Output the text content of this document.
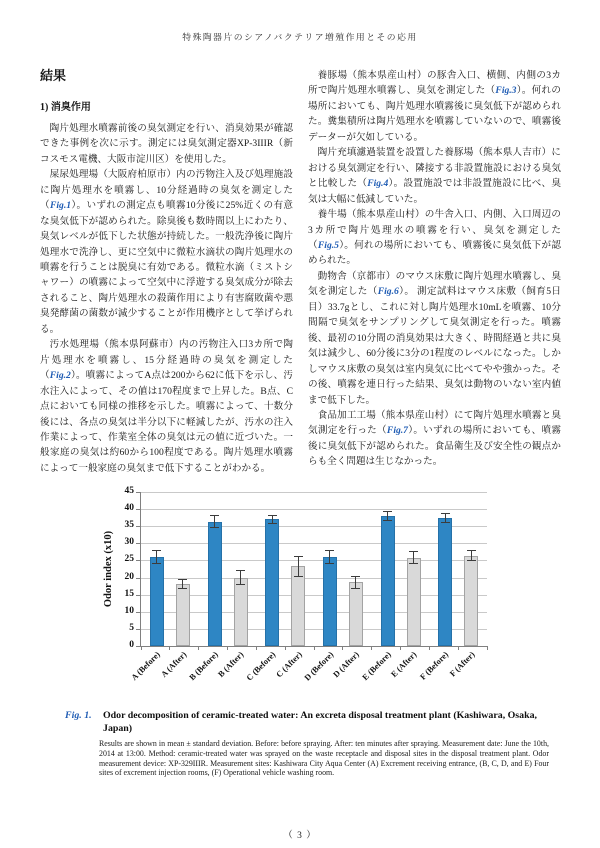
特殊陶器片のシアノバクテリア増殖作用とその応用
結果
1) 消臭作用

陶片処理水噴霧前後の臭気測定を行い、消臭効果が確認できた事例を次に示す。測定には臭気測定器XP-3IIIR（新コスモス電機、大阪市淀川区）を使用した。

屎尿処理場（大阪府柏原市）内の汚物注入及び処理施設に陶片処理水を噴霧し、10分経過時の臭気を測定した（Fig.1）。いずれの測定点も噴霧10分後に25%近くの有意な臭気低下が認められた。除臭後も数時間以上にわたり、臭気レベルが低下した状態が持続した。一般洗浄後に陶片処理水で洗浄し、更に空気中に微粒水滴状の陶片処理水の噴霧を行うことは脱臭に有効である。微粒水滴（ミストシャワー）の噴霧によって空気中に浮遊する臭気成分が除去されること、陶片処理水の殺菌作用により有害腐敗菌や悪臭発酵菌の菌数が減少することが作用機序として挙げられる。

汚水処理場（熊本県阿蘇市）内の汚物注入口3カ所で陶片処理水を噴霧し、15分経過時の臭気を測定した（Fig.2）。噴霧によってA点は200から62に低下を示し、汚水注入によって、その値は170程度まで上昇した。B点、C点においても同様の推移を示した。噴霧によって、十数分後には、各点の臭気は半分以下に軽減したが、汚水の注入作業によって、作業室全体の臭気は元の値に近づいた。一般家庭の臭気は約60から100程度である。陶片処理水噴霧によって一般家庭の臭気まで低下することがわかる。

養豚場（熊本県産山村）の豚舎入口、横側、内側の3カ所で陶片処理水噴霧し、臭気を測定した（Fig.3）。何れの場所においても、陶片処理水噴霧後に臭気低下が認められた。糞集積所は陶片処理水を噴霧していないので、噴霧後データーが欠如している。

陶片充填濾過装置を設置した養豚場（熊本県人吉市）における臭気測定を行い、隣接する非設置施設における臭気と比較した（Fig.4）。設置施設では非設置施設に比べ、臭気は大幅に低減していた。

養牛場（熊本県産山村）の牛舎入口、内側、入口周辺の3カ所で陶片処理水の噴霧を行い、臭気を測定した（Fig.5）。何れの場所においても、噴霧後に臭気低下が認められた。

動物舎（京都市）のマウス床敷に陶片処理水噴霧し、臭気を測定した（Fig.6）。 測定試料はマウス床敷（飼育5日目）33.7gとし、これに対し陶片処理水10mLを噴霧、10分間隔で臭気をサンプリングして臭気測定を行った。噴霧後、最初の10分間の消臭効果は大きく、時間経過と共に臭気は減少し、60分後に3分の1程度のレベルになった。しかしマウス床敷の臭気は室内臭気に比べてやや強かった。その後、噴霧を連日行った結果、臭気は動物のいない室内値まで低下した。

食品加工工場（熊本県産山村）にて陶片処理水噴霧と臭気測定を行った（Fig.7）。いずれの場所においても、噴霧後に臭気低下が認められた。食品衛生及び安全性の観点からも全く問題は生じなかった。

Odor index (x10)
0
5
10
15
20
25
30
35
40
45
A (Before)
A (After) B (Before)
B (After) C (Before)
C (After) D (Before)
D (After) E (Before)
E (After) F (Before)
F (After)
Fig. 1.	Odor decomposition of ceramic-treated water: An excreta disposal treatment plant (Kashiwara, Osaka, Japan)
Results are shown in mean ± standard deviation. Before: before spraying. After: ten minutes after spraying. Measurement date: June the 10th, 2014 at 13:00. Method: ceramic-treated water was sprayed on the waste receptacle and disposal sites in the disposal treatment plant. Odor measurement device: XP-329IIIR. Measurement sites: Kashiwara City Aqua Center (A) Excrement receiving entrance, (B, C, D, and E) Four sites of excrement injection rooms, (F) Operational vehicle washing room.
（ 3 ）
